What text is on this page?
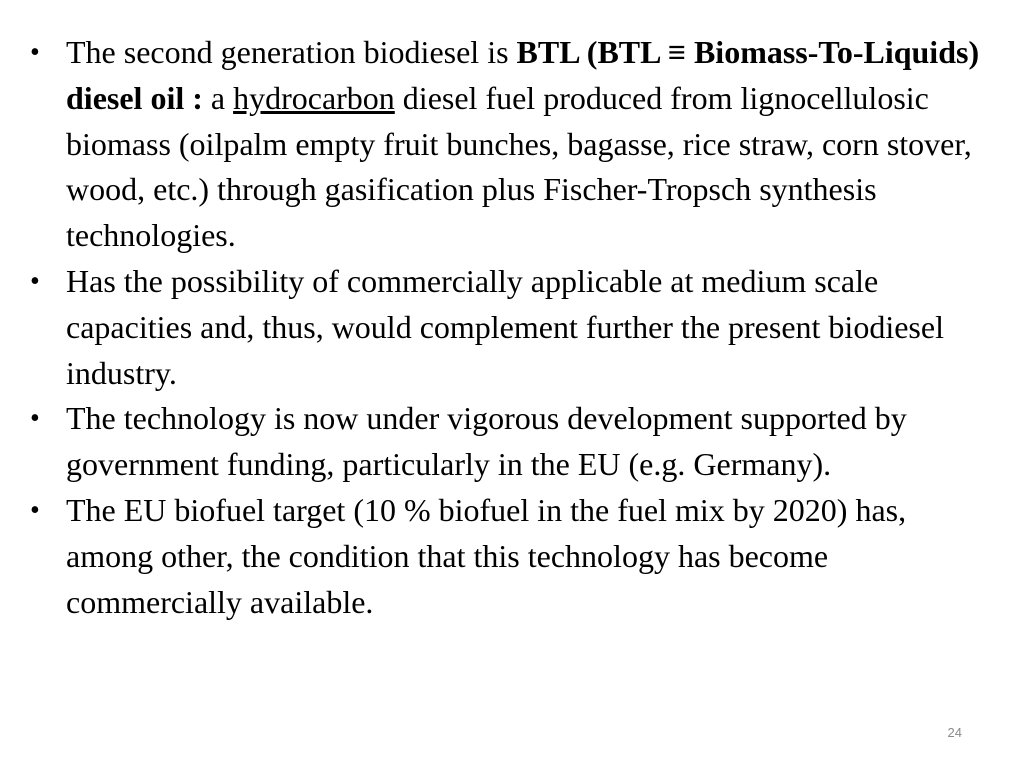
• The second generation biodiesel is BTL (BTL ≡ Biomass-To-Liquids) diesel oil : a hydrocarbon diesel fuel produced from lignocellulosic biomass (oilpalm empty fruit bunches, bagasse, rice straw, corn stover, wood, etc.) through gasification plus Fischer-Tropsch synthesis technologies.
• Has the possibility of commercially applicable at medium scale capacities and, thus, would complement further the present biodiesel industry.
• The technology is now under vigorous development supported by government funding, particularly in the EU (e.g. Germany).
• The EU biofuel target (10 % biofuel in the fuel mix by 2020) has, among other, the condition that this technology has become commercially available.
24
